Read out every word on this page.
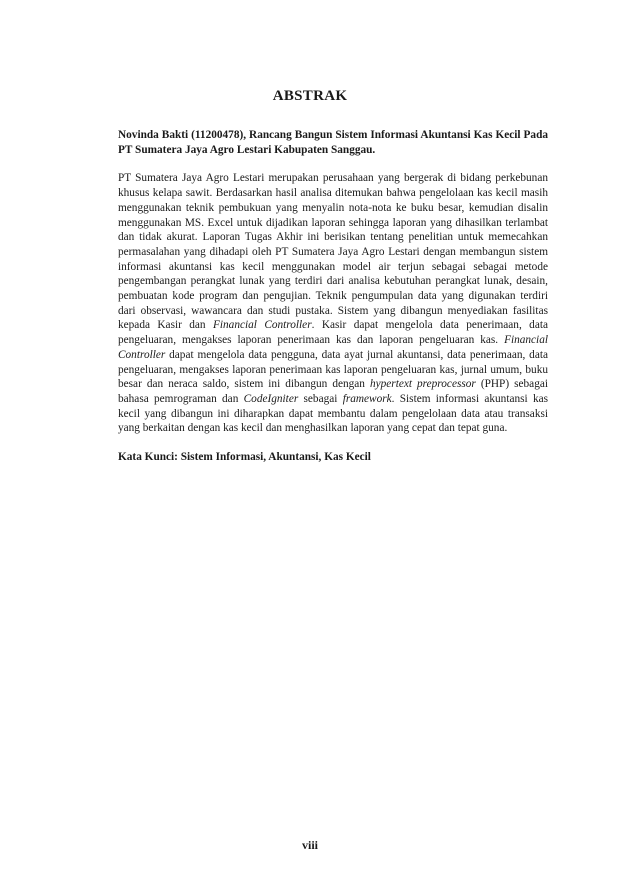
ABSTRAK

Novinda Bakti (11200478), Rancang Bangun Sistem Informasi Akuntansi Kas Kecil Pada PT Sumatera Jaya Agro Lestari Kabupaten Sanggau.

PT Sumatera Jaya Agro Lestari merupakan perusahaan yang bergerak di bidang perkebunan khusus kelapa sawit. Berdasarkan hasil analisa ditemukan bahwa pengelolaan kas kecil masih menggunakan teknik pembukuan yang menyalin nota-nota ke buku besar, kemudian disalin menggunakan MS. Excel untuk dijadikan laporan sehingga laporan yang dihasilkan terlambat dan tidak akurat. Laporan Tugas Akhir ini berisikan tentang penelitian untuk memecahkan permasalahan yang dihadapi oleh PT Sumatera Jaya Agro Lestari dengan membangun sistem informasi akuntansi kas kecil menggunakan model air terjun sebagai sebagai metode pengembangan perangkat lunak yang terdiri dari analisa kebutuhan perangkat lunak, desain, pembuatan kode program dan pengujian. Teknik pengumpulan data yang digunakan terdiri dari observasi, wawancara dan studi pustaka. Sistem yang dibangun menyediakan fasilitas kepada Kasir dan Financial Controller. Kasir dapat mengelola data penerimaan, data pengeluaran, mengakses laporan penerimaan kas dan laporan pengeluaran kas. Financial Controller dapat mengelola data pengguna, data ayat jurnal akuntansi, data penerimaan, data pengeluaran, mengakses laporan penerimaan kas laporan pengeluaran kas, jurnal umum, buku besar dan neraca saldo, sistem ini dibangun dengan hypertext preprocessor (PHP) sebagai bahasa pemrograman dan CodeIgniter sebagai framework. Sistem informasi akuntansi kas kecil yang dibangun ini diharapkan dapat membantu dalam pengelolaan data atau transaksi yang berkaitan dengan kas kecil dan menghasilkan laporan yang cepat dan tepat guna.

Kata Kunci: Sistem Informasi, Akuntansi, Kas Kecil

viii
